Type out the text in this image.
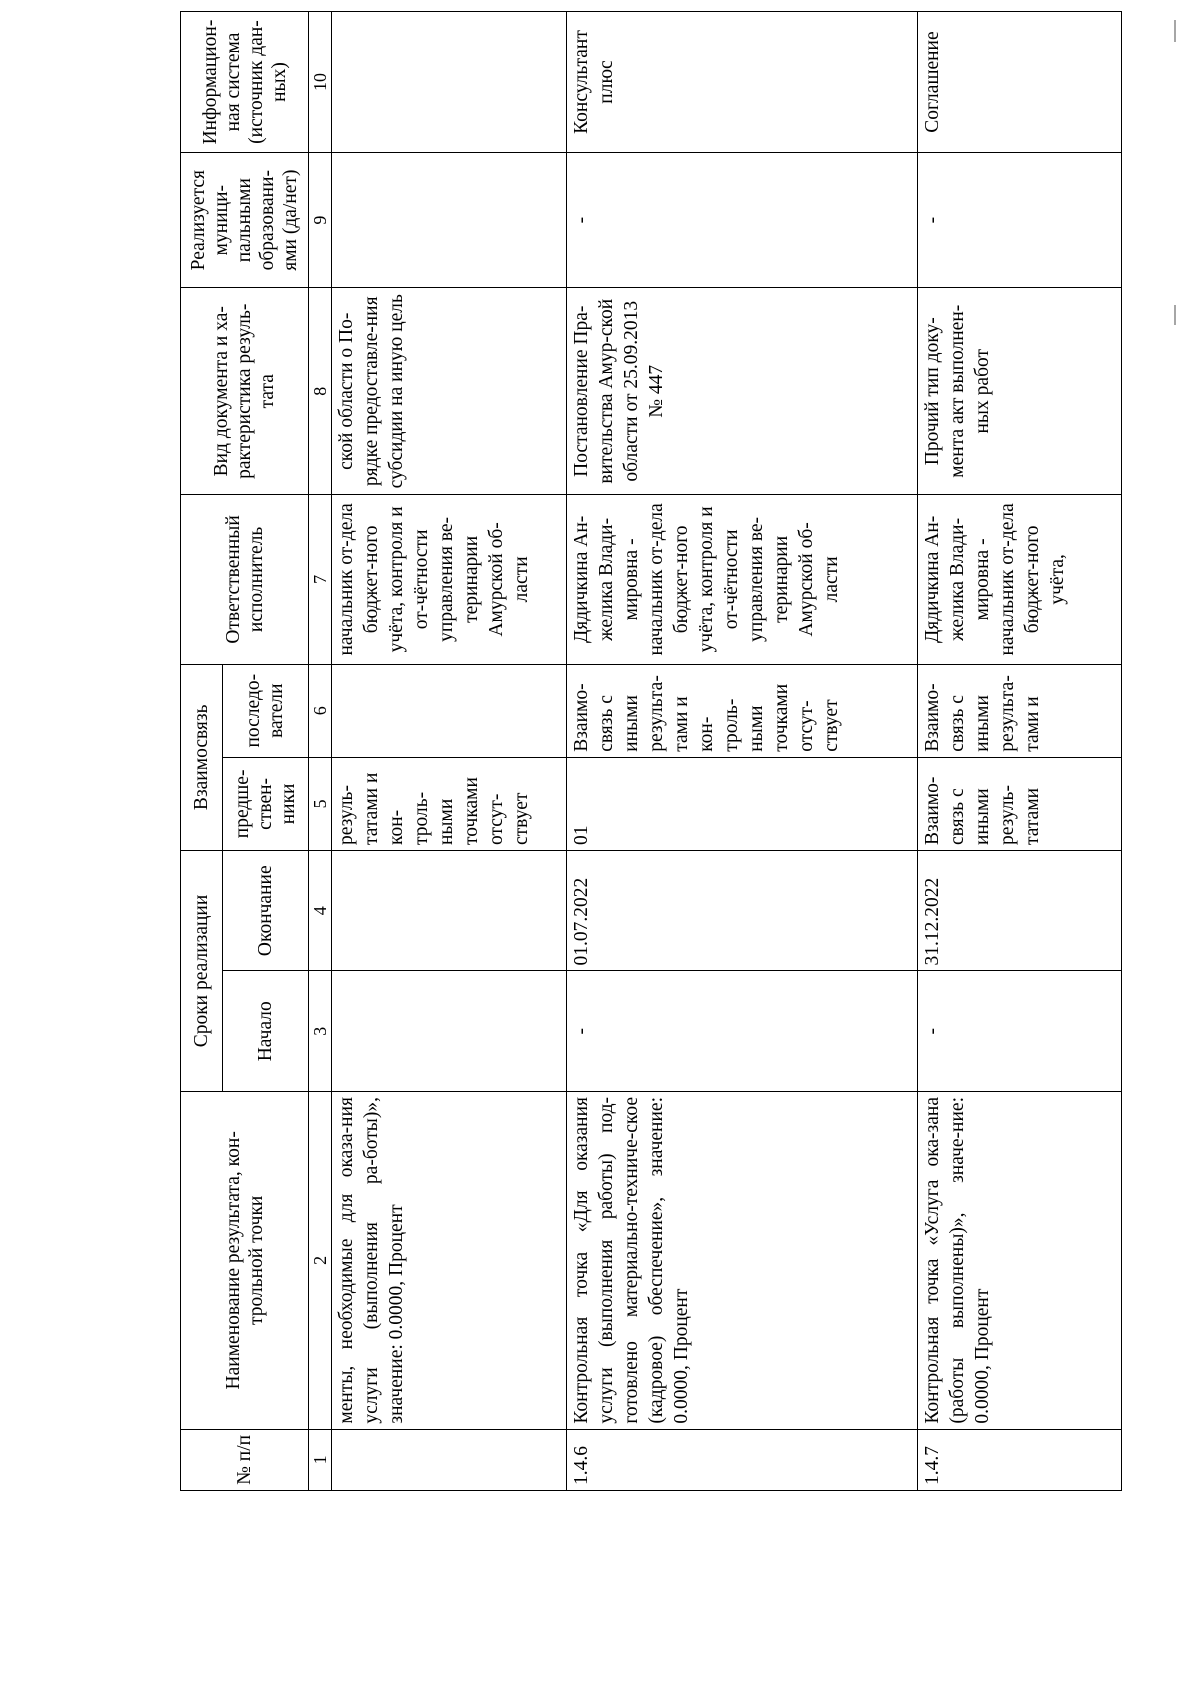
№ п/п	Наименование результата, кон-трольной точки	Сроки реализации		Взаимосвязь		Ответственный исполнитель	Вид документа и ха-рактеристика резуль-тата	Реализуется муници-пальными образовани-ями (да/нет)	Информацион-ная система (источник дан-ных)
		Начало	Окончание	предше-ствен-ники	последо-ватели				
1	2	3	4	5	6	7	8	9	10
	менты, необходимые для оказа-ния услуги (выполнения ра-боты)», значение: 0.0000, Процент			резуль-татами и кон-троль-ными точками отсут-ствует		начальник от-дела бюджет-ного учёта, контроля и от-чётности управления ве-теринарии Амурской об-ласти	ской области о По-рядке предоставле-ния субсидии на иную цель		
1.4.6	Контрольная точка «Для оказания услуги (выполнения работы) под-готовлено материально-техниче-ское (кадровое) обеспечение», значение: 0.0000, Процент	-	01.07.2022	01	Взаимо-связь с иными результа-тами и кон-троль-ными точками отсут-ствует	Дядичкина Ан-желика Влади-мировна - начальник от-дела бюджет-ного учёта, контроля и от-чётности управления ве-теринарии Амурской об-ласти	Постановление Пра-вительства Амур-ской области от 25.09.2013 № 447	-	Консультант плюс
1.4.7	Контрольная точка «Услуга ока-зана (работы выполнены)», значе-ние: 0.0000, Процент	-	31.12.2022	Взаимо-связь с иными резуль-татами	Взаимо-связь с иными результа-тами и	Дядичкина Ан-желика Влади-мировна - начальник от-дела бюджет-ного учёта,	Прочий тип доку-мента акт выполнен-ных работ	-	Соглашение
